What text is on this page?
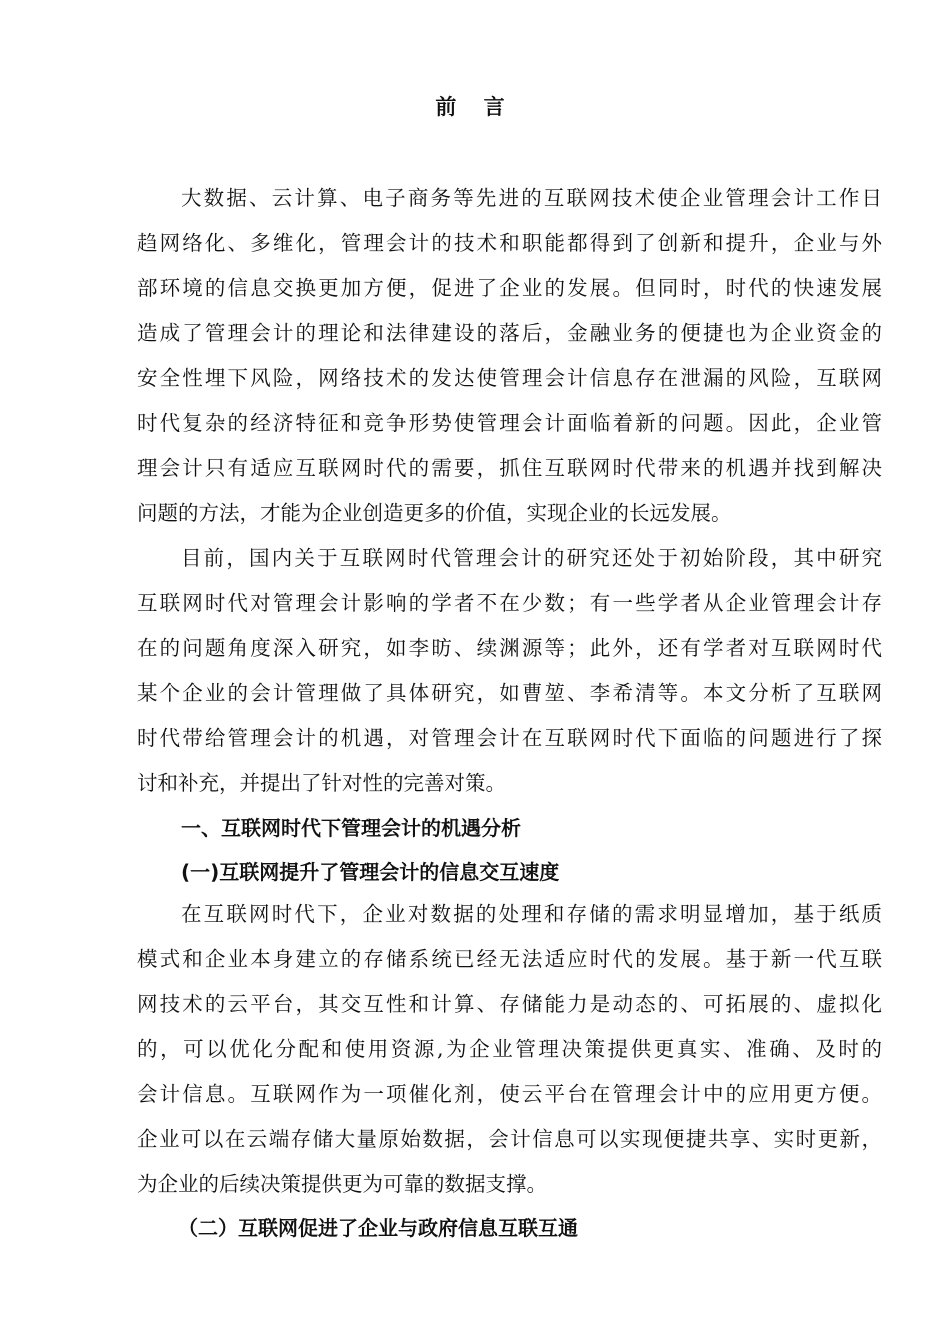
前 言
大数据、云计算、电子商务等先进的互联网技术使企业管理会计工作日
趋网络化、多维化，管理会计的技术和职能都得到了创新和提升，企业与外
部环境的信息交换更加方便，促进了企业的发展。但同时，时代的快速发展
造成了管理会计的理论和法律建设的落后，金融业务的便捷也为企业资金的
安全性埋下风险，网络技术的发达使管理会计信息存在泄漏的风险，互联网
时代复杂的经济特征和竞争形势使管理会计面临着新的问题。因此，企业管
理会计只有适应互联网时代的需要，抓住互联网时代带来的机遇并找到解决
问题的方法，才能为企业创造更多的价值，实现企业的长远发展。
目前，国内关于互联网时代管理会计的研究还处于初始阶段，其中研究
互联网时代对管理会计影响的学者不在少数；有一些学者从企业管理会计存
在的问题角度深入研究，如李昉、续渊源等；此外，还有学者对互联网时代
某个企业的会计管理做了具体研究，如曹堃、李希清等。本文分析了互联网
时代带给管理会计的机遇，对管理会计在互联网时代下面临的问题进行了探
讨和补充，并提出了针对性的完善对策。
一、互联网时代下管理会计的机遇分析
(一)互联网提升了管理会计的信息交互速度
在互联网时代下，企业对数据的处理和存储的需求明显增加，基于纸质
模式和企业本身建立的存储系统已经无法适应时代的发展。基于新一代互联
网技术的云平台，其交互性和计算、存储能力是动态的、可拓展的、虚拟化
的，可以优化分配和使用资源,为企业管理决策提供更真实、准确、及时的
会计信息。互联网作为一项催化剂，使云平台在管理会计中的应用更方便。
企业可以在云端存储大量原始数据，会计信息可以实现便捷共享、实时更新，
为企业的后续决策提供更为可靠的数据支撑。
（二）互联网促进了企业与政府信息互联互通
